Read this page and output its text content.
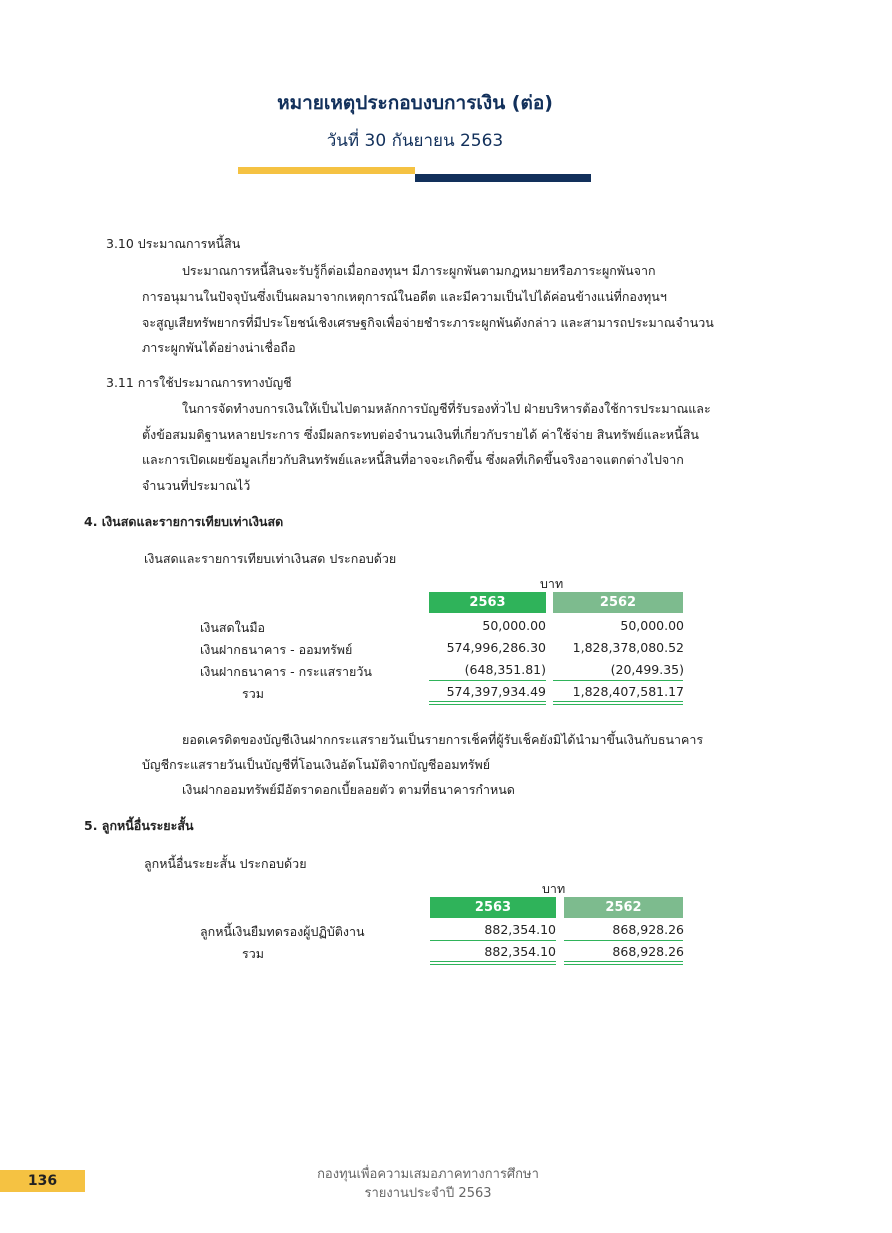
หมายเหตุประกอบงบการเงิน (ต่อ)
วันที่ 30 กันยายน 2563
3.10 ประมาณการหนี้สิน
ประมาณการหนี้สินจะรับรู้ก็ต่อเมื่อกองทุนฯ มีภาระผูกพันตามกฎหมายหรือภาระผูกพันจาก
การอนุมานในปัจจุบันซึ่งเป็นผลมาจากเหตุการณ์ในอดีต และมีความเป็นไปได้ค่อนข้างแน่ที่กองทุนฯ
จะสูญเสียทรัพยากรที่มีประโยชน์เชิงเศรษฐกิจเพื่อจ่ายชำระภาระผูกพันดังกล่าว และสามารถประมาณจำนวน
ภาระผูกพันได้อย่างน่าเชื่อถือ
3.11 การใช้ประมาณการทางบัญชี
ในการจัดทำงบการเงินให้เป็นไปตามหลักการบัญชีที่รับรองทั่วไป ฝ่ายบริหารต้องใช้การประมาณและ
ตั้งข้อสมมติฐานหลายประการ ซึ่งมีผลกระทบต่อจำนวนเงินที่เกี่ยวกับรายได้ ค่าใช้จ่าย สินทรัพย์และหนี้สิน
และการเปิดเผยข้อมูลเกี่ยวกับสินทรัพย์และหนี้สินที่อาจจะเกิดขึ้น ซึ่งผลที่เกิดขึ้นจริงอาจแตกต่างไปจาก
จำนวนที่ประมาณไว้
4. เงินสดและรายการเทียบเท่าเงินสด
เงินสดและรายการเทียบเท่าเงินสด ประกอบด้วย
บาท
2563	2562
เงินสดในมือ	50,000.00	50,000.00
เงินฝากธนาคาร - ออมทรัพย์	574,996,286.30 1,828,378,080.52
เงินฝากธนาคาร - กระแสรายวัน	(648,351.81)	(20,499.35)
รวม	574,397,934.49 1,828,407,581.17
ยอดเครดิตของบัญชีเงินฝากกระแสรายวันเป็นรายการเช็คที่ผู้รับเช็คยังมิได้นำมาขึ้นเงินกับธนาคาร
บัญชีกระแสรายวันเป็นบัญชีที่โอนเงินอัตโนมัติจากบัญชีออมทรัพย์
เงินฝากออมทรัพย์มีอัตราดอกเบี้ยลอยตัว ตามที่ธนาคารกำหนด
5. ลูกหนี้อื่นระยะสั้น
ลูกหนี้อื่นระยะสั้น ประกอบด้วย
บาท
2563	2562
ลูกหนี้เงินยืมทดรองผู้ปฏิบัติงาน	882,354.10	868,928.26
รวม	882,354.10	868,928.26
136	กองทุนเพื่อความเสมอภาคทางการศึกษา
รายงานประจำปี 2563
